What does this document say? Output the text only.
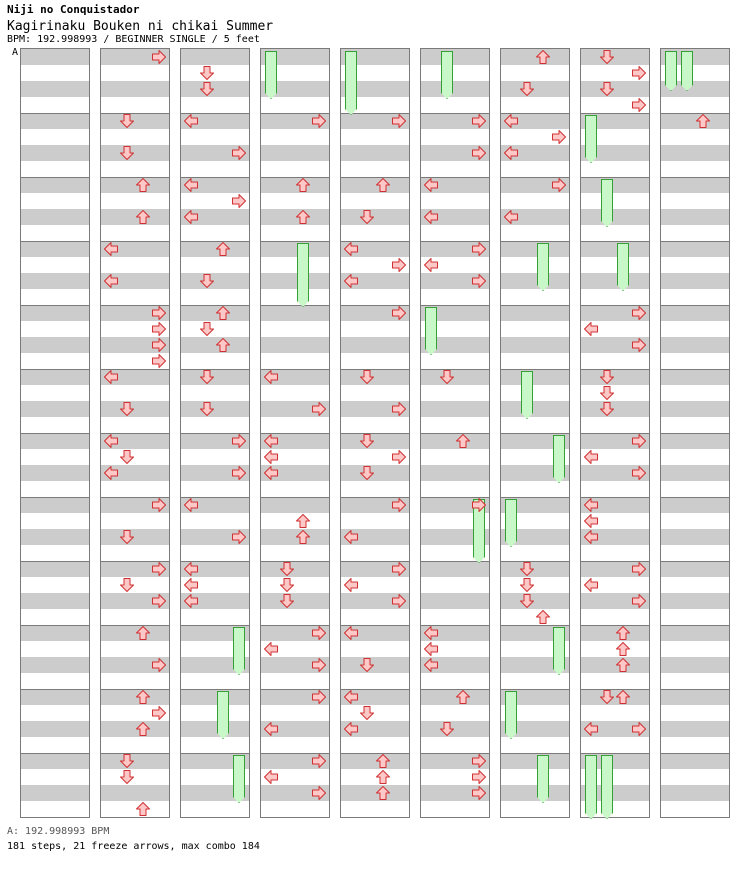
Niji no Conquistador
Kagirinaku Bouken ni chikai Summer
BPM: 192.998993 / BEGINNER SINGLE / 5 feet
A
A: 192.998993 BPM
181 steps, 21 freeze arrows, max combo 184
